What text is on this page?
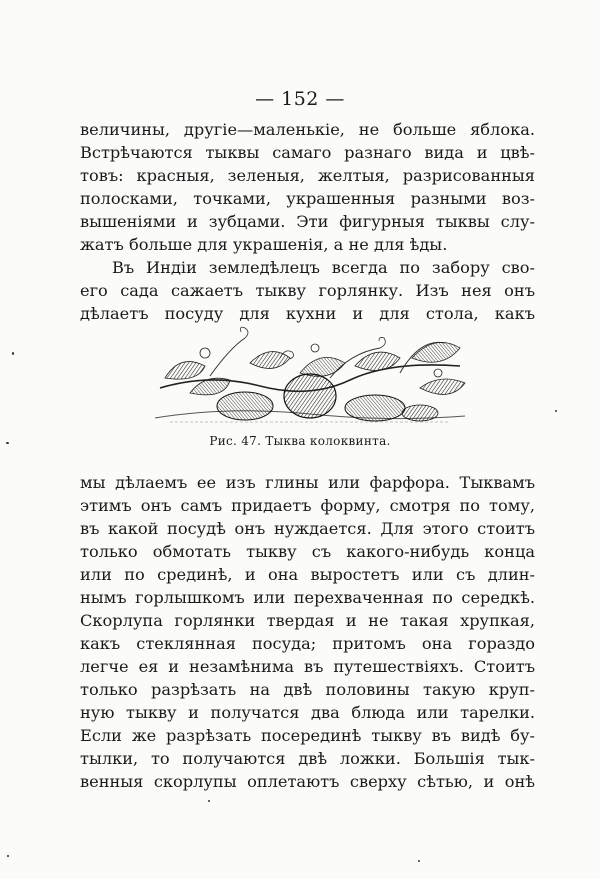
— 152 —
величины, другіе—маленькіе, не больше яблока.
Встрѣчаются тыквы самаго разнаго вида и цвѣ-
товъ: красныя, зеленыя, желтыя, разрисованныя
полосками, точками, украшенныя разными воз-
вышеніями и зубцами. Эти фигурныя тыквы слу-
жатъ больше для украшенія, а не для ѣды.
Въ Индіи земледѣлецъ всегда по забору сво-
его сада сажаетъ тыкву горлянку. Изъ нея онъ
дѣлаетъ посуду для кухни и для стола, какъ
Рис. 47. Тыква колоквинта.
мы дѣлаемъ ее изъ глины или фарфора. Тыквамъ
этимъ онъ самъ придаетъ форму, смотря по тому,
въ какой посудѣ онъ нуждается. Для этого стоитъ
только обмотать тыкву съ какого-нибудь конца
или по срединѣ, и она выростетъ или съ длин-
нымъ горлышкомъ или перехваченная по середкѣ.
Скорлупа горлянки твердая и не такая хрупкая,
какъ стеклянная посуда; притомъ она гораздо
легче ея и незамѣнима въ путешествіяхъ. Стоитъ
только разрѣзать на двѣ половины такую круп-
ную тыкву и получатся два блюда или тарелки.
Если же разрѣзать посерединѣ тыкву въ видѣ бу-
тылки, то получаются двѣ ложки. Большія тык-
венныя скорлупы оплетаютъ сверху сѣтью, и онѣ
